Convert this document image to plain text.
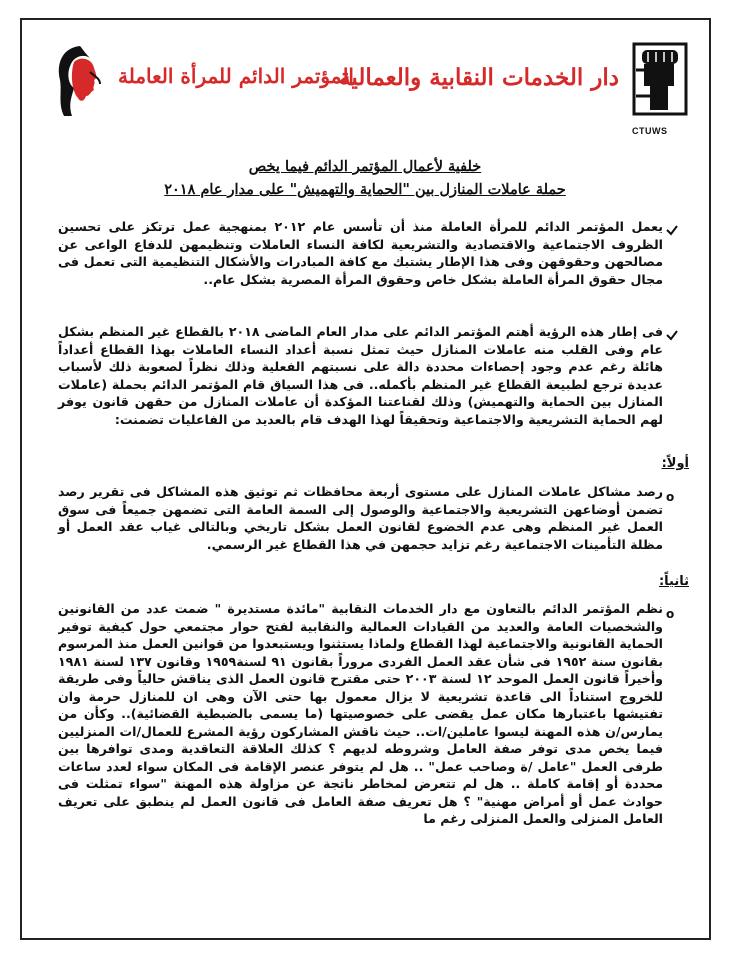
CTUWS
دار الخدمات النقابية والعمالية
المؤتمر الدائم للمرأة العاملة
خلفية لأعمال المؤتمر الدائم فيما يخص
حملة عاملات المنازل بين "الحماية والتهميش" على مدار عام ٢٠١٨
يعمل المؤتمر الدائم للمرأة العاملة منذ أن تأسس عام ٢٠١٢ بمنهجية عمل ترتكز على تحسين الظروف الاجتماعية والاقتصادية والتشريعية لكافة النساء العاملات وتنظيمهن للدفاع الواعى عن مصالحهن وحقوقهن وفى هذا الإطار يشتبك مع كافة المبادرات والأشكال التنظيمية التى تعمل فى مجال حقوق المرأة العاملة بشكل خاص وحقوق المرأة المصرية بشكل عام..
فى إطار هذه الرؤية أهتم المؤتمر الدائم على مدار العام الماضى ٢٠١٨ بالقطاع غير المنظم بشكل عام وفى القلب منه عاملات المنازل حيث تمثل نسبة أعداد النساء العاملات بهذا القطاع أعداداً هائلة رغم عدم وجود إحصاءات محددة دالة على نسبتهم الفعلية وذلك نظراً لصعوبة ذلك لأسباب عديدة ترجع لطبيعة القطاع غير المنظم بأكمله.. فى هذا السياق قام المؤتمر الدائم بحملة (عاملات المنازل بين الحماية والتهميش) وذلك لقناعتنا المؤكدة أن عاملات المنازل من حقهن قانون يوفر لهم الحماية التشريعية والاجتماعية وتحقيقاً لهذا الهدف قام بالعديد من الفاعليات تضمنت:
أولاً:
o
رصد مشاكل عاملات المنازل على مستوى أربعة محافظات ثم توثيق هذه المشاكل فى تقرير رصد تضمن أوضاعهن التشريعية والاجتماعية والوصول إلى السمة العامة التى تضمهن جميعاً فى سوق العمل غير المنظم وهى عدم الخضوع لقانون العمل بشكل تاريخي وبالتالى غياب عقد العمل أو مظلة التأمينات الاجتماعية رغم تزايد حجمهن في هذا القطاع غير الرسمي.
ثانياً:
o
نظم المؤتمر الدائم بالتعاون مع دار الخدمات النقابية "مائدة مستديرة " ضمت عدد من القانونين والشخصيات العامة والعديد من القيادات العمالية والنقابية لفتح حوار مجتمعي حول كيفية توفير الحماية القانونية والاجتماعية لهذا القطاع ولماذا يستثنوا ويستبعدوا من قوانين العمل منذ المرسوم بقانون سنة ١٩٥٢ فى شأن عقد العمل الفردى مروراً بقانون ٩١ لسنة١٩٥٩ وقانون ١٣٧ لسنة ١٩٨١ وأخيراً قانون العمل الموحد ١٢ لسنة ٢٠٠٣ حتى مقترح قانون العمل الذى يناقش حالياً وفى طريقة للخروج استناداً الى قاعدة تشريعية لا يزال معمول بها حتى الآن وهى ان للمنازل حرمة وان تفتيشها باعتبارها مكان عمل يقضى على خصوصيتها (ما يسمى بالضبطية القضائية).. وكأن من يمارس/ن هذه المهنة ليسوا عاملين/ات.. حيث ناقش المشاركون رؤية المشرع للعمال/ات المنزليين فيما يخص مدى توفر صفة العامل وشروطه لديهم ؟ كذلك العلاقة التعاقدية ومدى توافرها بين طرفى العمل "عامل /ة وصاحب عمل" .. هل لم يتوفر عنصر الإقامة فى المكان سواء لعدد ساعات محددة أو إقامة كاملة .. هل لم تتعرض لمخاطر ناتجة عن مزاولة هذه المهنة "سواء تمثلت فى حوادث عمل أو أمراض مهنية" ؟ هل تعريف صفة العامل فى قانون العمل لم ينطبق على تعريف العامل المنزلى والعمل المنزلى رغم ما
